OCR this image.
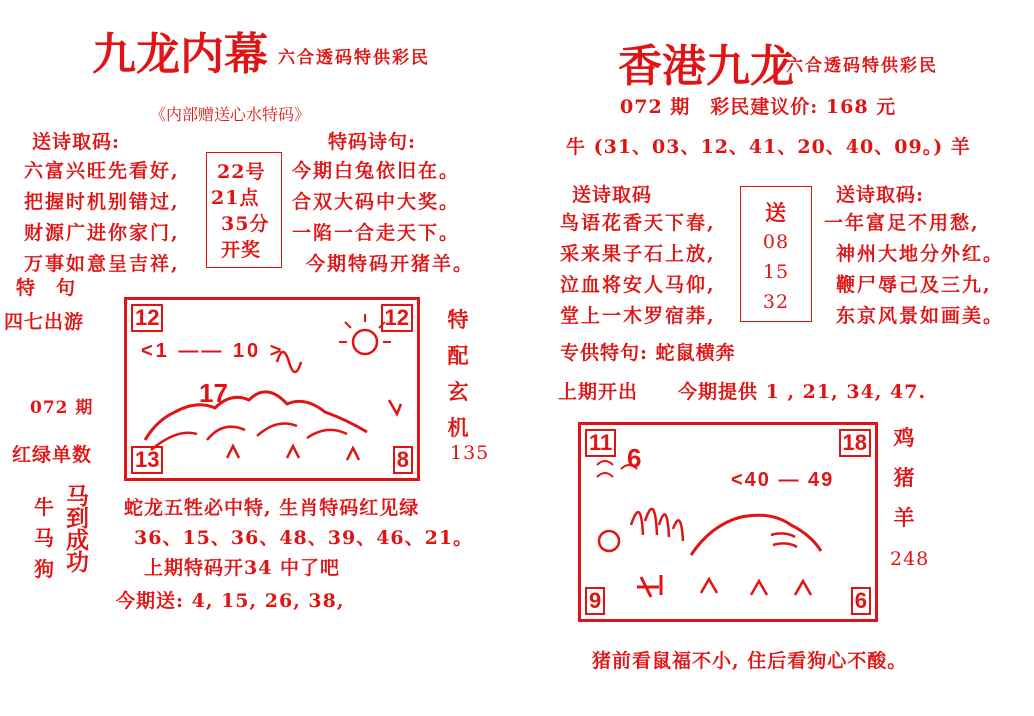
九龙内幕 六合透码特供彩民
《内部赠送心水特码》
送诗取码:	特码诗句:
六富兴旺先看好,
把握时机别错过,
财源广进你家门,
万事如意呈吉祥,
22号
21点
35分
开奖
今期白兔依旧在。
合双大码中大奖。
一陷一合走天下。
今期特码开猪羊。
特　句
四七出游
072 期
红绿单数
<1 —— 10 >
17
12	12
13	8
特
配
玄
机
135
牛
马
狗
马
到
成
功
蛇龙五牲必中特, 生肖特码红见绿
36、15、36、48、39、46、21。
上期特码开34 中了吧
今期送: 4, 15, 26, 38,
香港九龙
六合透码特供彩民
072 期　彩民建议价: 168 元
牛 (31、03、12、41、20、40、09。) 羊
送诗取码	送诗取码:
鸟语花香天下春,
采来果子石上放,
泣血将安人马仰,
堂上一木罗宿莽,
送
08
15
32
一年富足不用愁,
神州大地分外红。
鞭尸辱己及三九,
东京风景如画美。
专供特句: 蛇鼠横奔
上期开出　　今期提供 1 , 21, 34, 47.
<40 — 49
6
11	18
9	6
鸡
猪
羊
248
猪前看鼠福不小, 住后看狗心不酸。
